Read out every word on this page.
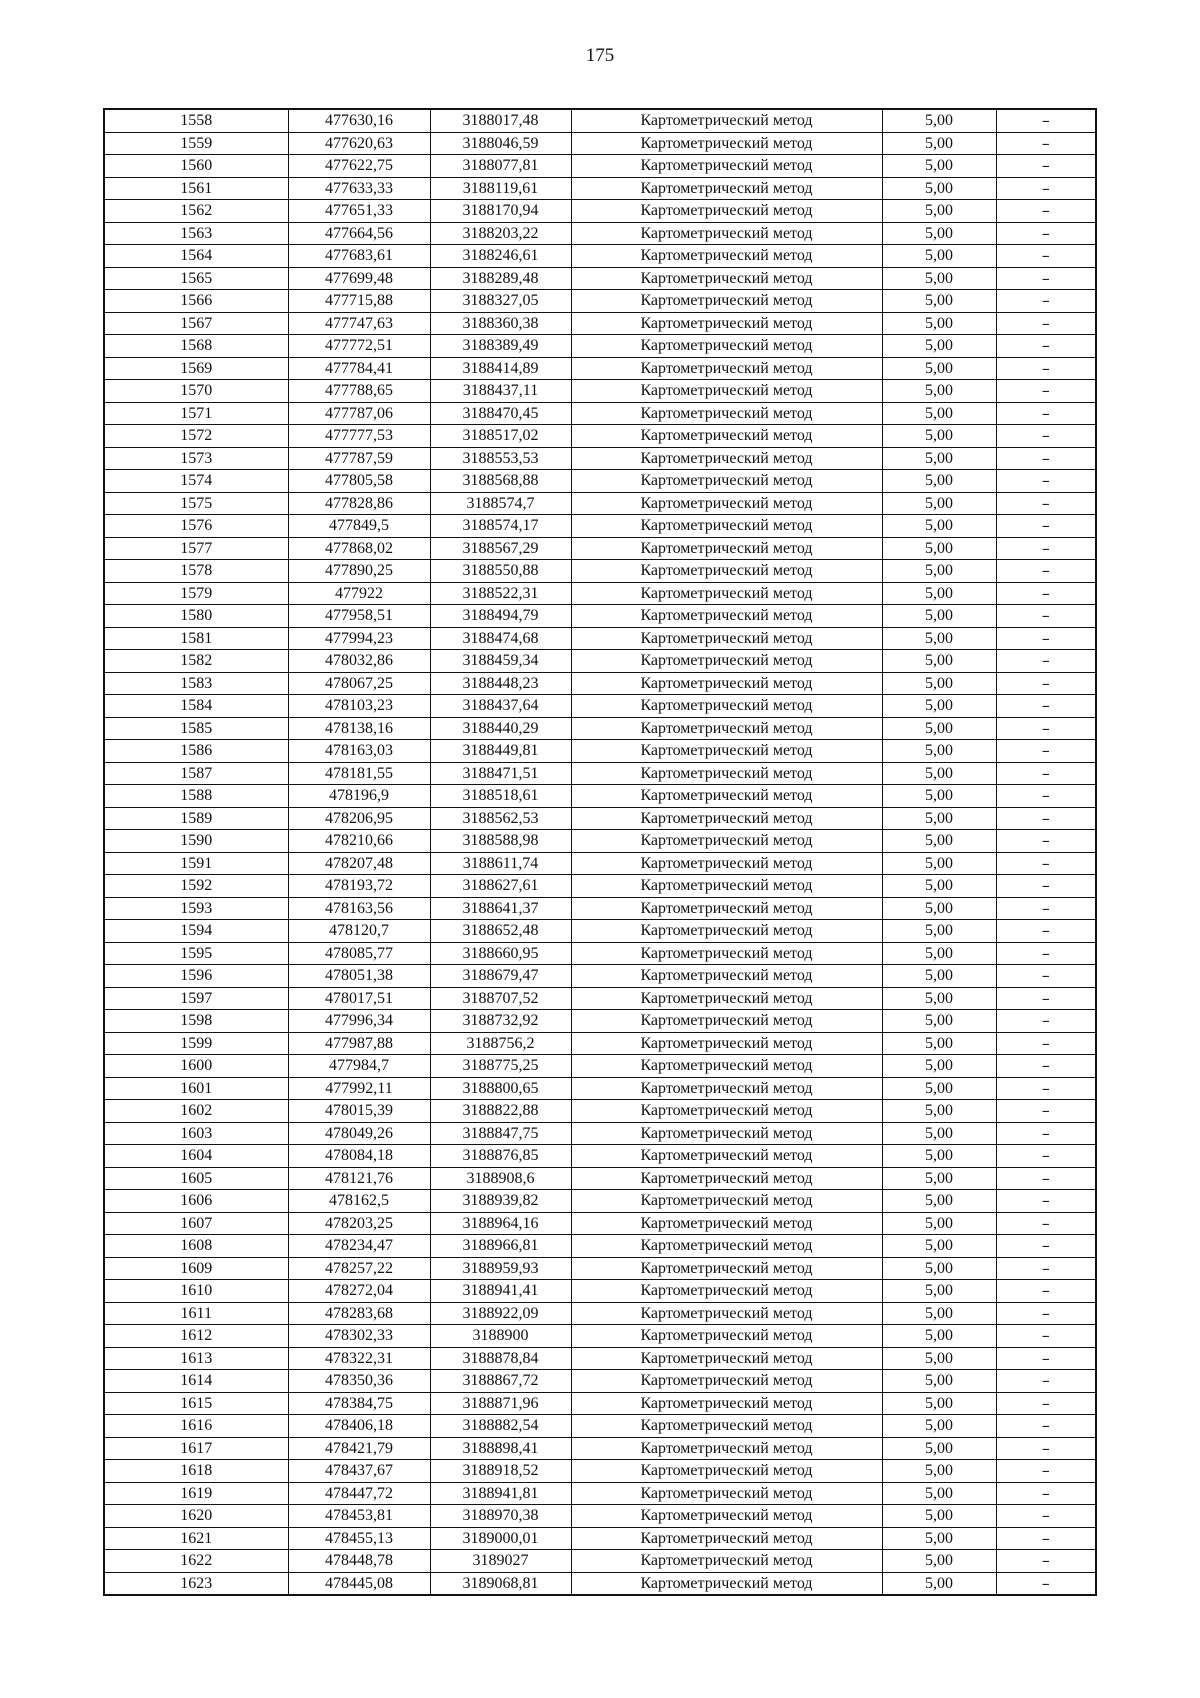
175
1558	477630,16	3188017,48	Картометрический метод	5,00	–
1559	477620,63	3188046,59	Картометрический метод	5,00	–
1560	477622,75	3188077,81	Картометрический метод	5,00	–
1561	477633,33	3188119,61	Картометрический метод	5,00	–
1562	477651,33	3188170,94	Картометрический метод	5,00	–
1563	477664,56	3188203,22	Картометрический метод	5,00	–
1564	477683,61	3188246,61	Картометрический метод	5,00	–
1565	477699,48	3188289,48	Картометрический метод	5,00	–
1566	477715,88	3188327,05	Картометрический метод	5,00	–
1567	477747,63	3188360,38	Картометрический метод	5,00	–
1568	477772,51	3188389,49	Картометрический метод	5,00	–
1569	477784,41	3188414,89	Картометрический метод	5,00	–
1570	477788,65	3188437,11	Картометрический метод	5,00	–
1571	477787,06	3188470,45	Картометрический метод	5,00	–
1572	477777,53	3188517,02	Картометрический метод	5,00	–
1573	477787,59	3188553,53	Картометрический метод	5,00	–
1574	477805,58	3188568,88	Картометрический метод	5,00	–
1575	477828,86	3188574,7	Картометрический метод	5,00	–
1576	477849,5	3188574,17	Картометрический метод	5,00	–
1577	477868,02	3188567,29	Картометрический метод	5,00	–
1578	477890,25	3188550,88	Картометрический метод	5,00	–
1579	477922	3188522,31	Картометрический метод	5,00	–
1580	477958,51	3188494,79	Картометрический метод	5,00	–
1581	477994,23	3188474,68	Картометрический метод	5,00	–
1582	478032,86	3188459,34	Картометрический метод	5,00	–
1583	478067,25	3188448,23	Картометрический метод	5,00	–
1584	478103,23	3188437,64	Картометрический метод	5,00	–
1585	478138,16	3188440,29	Картометрический метод	5,00	–
1586	478163,03	3188449,81	Картометрический метод	5,00	–
1587	478181,55	3188471,51	Картометрический метод	5,00	–
1588	478196,9	3188518,61	Картометрический метод	5,00	–
1589	478206,95	3188562,53	Картометрический метод	5,00	–
1590	478210,66	3188588,98	Картометрический метод	5,00	–
1591	478207,48	3188611,74	Картометрический метод	5,00	–
1592	478193,72	3188627,61	Картометрический метод	5,00	–
1593	478163,56	3188641,37	Картометрический метод	5,00	–
1594	478120,7	3188652,48	Картометрический метод	5,00	–
1595	478085,77	3188660,95	Картометрический метод	5,00	–
1596	478051,38	3188679,47	Картометрический метод	5,00	–
1597	478017,51	3188707,52	Картометрический метод	5,00	–
1598	477996,34	3188732,92	Картометрический метод	5,00	–
1599	477987,88	3188756,2	Картометрический метод	5,00	–
1600	477984,7	3188775,25	Картометрический метод	5,00	–
1601	477992,11	3188800,65	Картометрический метод	5,00	–
1602	478015,39	3188822,88	Картометрический метод	5,00	–
1603	478049,26	3188847,75	Картометрический метод	5,00	–
1604	478084,18	3188876,85	Картометрический метод	5,00	–
1605	478121,76	3188908,6	Картометрический метод	5,00	–
1606	478162,5	3188939,82	Картометрический метод	5,00	–
1607	478203,25	3188964,16	Картометрический метод	5,00	–
1608	478234,47	3188966,81	Картометрический метод	5,00	–
1609	478257,22	3188959,93	Картометрический метод	5,00	–
1610	478272,04	3188941,41	Картометрический метод	5,00	–
1611	478283,68	3188922,09	Картометрический метод	5,00	–
1612	478302,33	3188900	Картометрический метод	5,00	–
1613	478322,31	3188878,84	Картометрический метод	5,00	–
1614	478350,36	3188867,72	Картометрический метод	5,00	–
1615	478384,75	3188871,96	Картометрический метод	5,00	–
1616	478406,18	3188882,54	Картометрический метод	5,00	–
1617	478421,79	3188898,41	Картометрический метод	5,00	–
1618	478437,67	3188918,52	Картометрический метод	5,00	–
1619	478447,72	3188941,81	Картометрический метод	5,00	–
1620	478453,81	3188970,38	Картометрический метод	5,00	–
1621	478455,13	3189000,01	Картометрический метод	5,00	–
1622	478448,78	3189027	Картометрический метод	5,00	–
1623	478445,08	3189068,81	Картометрический метод	5,00	–
